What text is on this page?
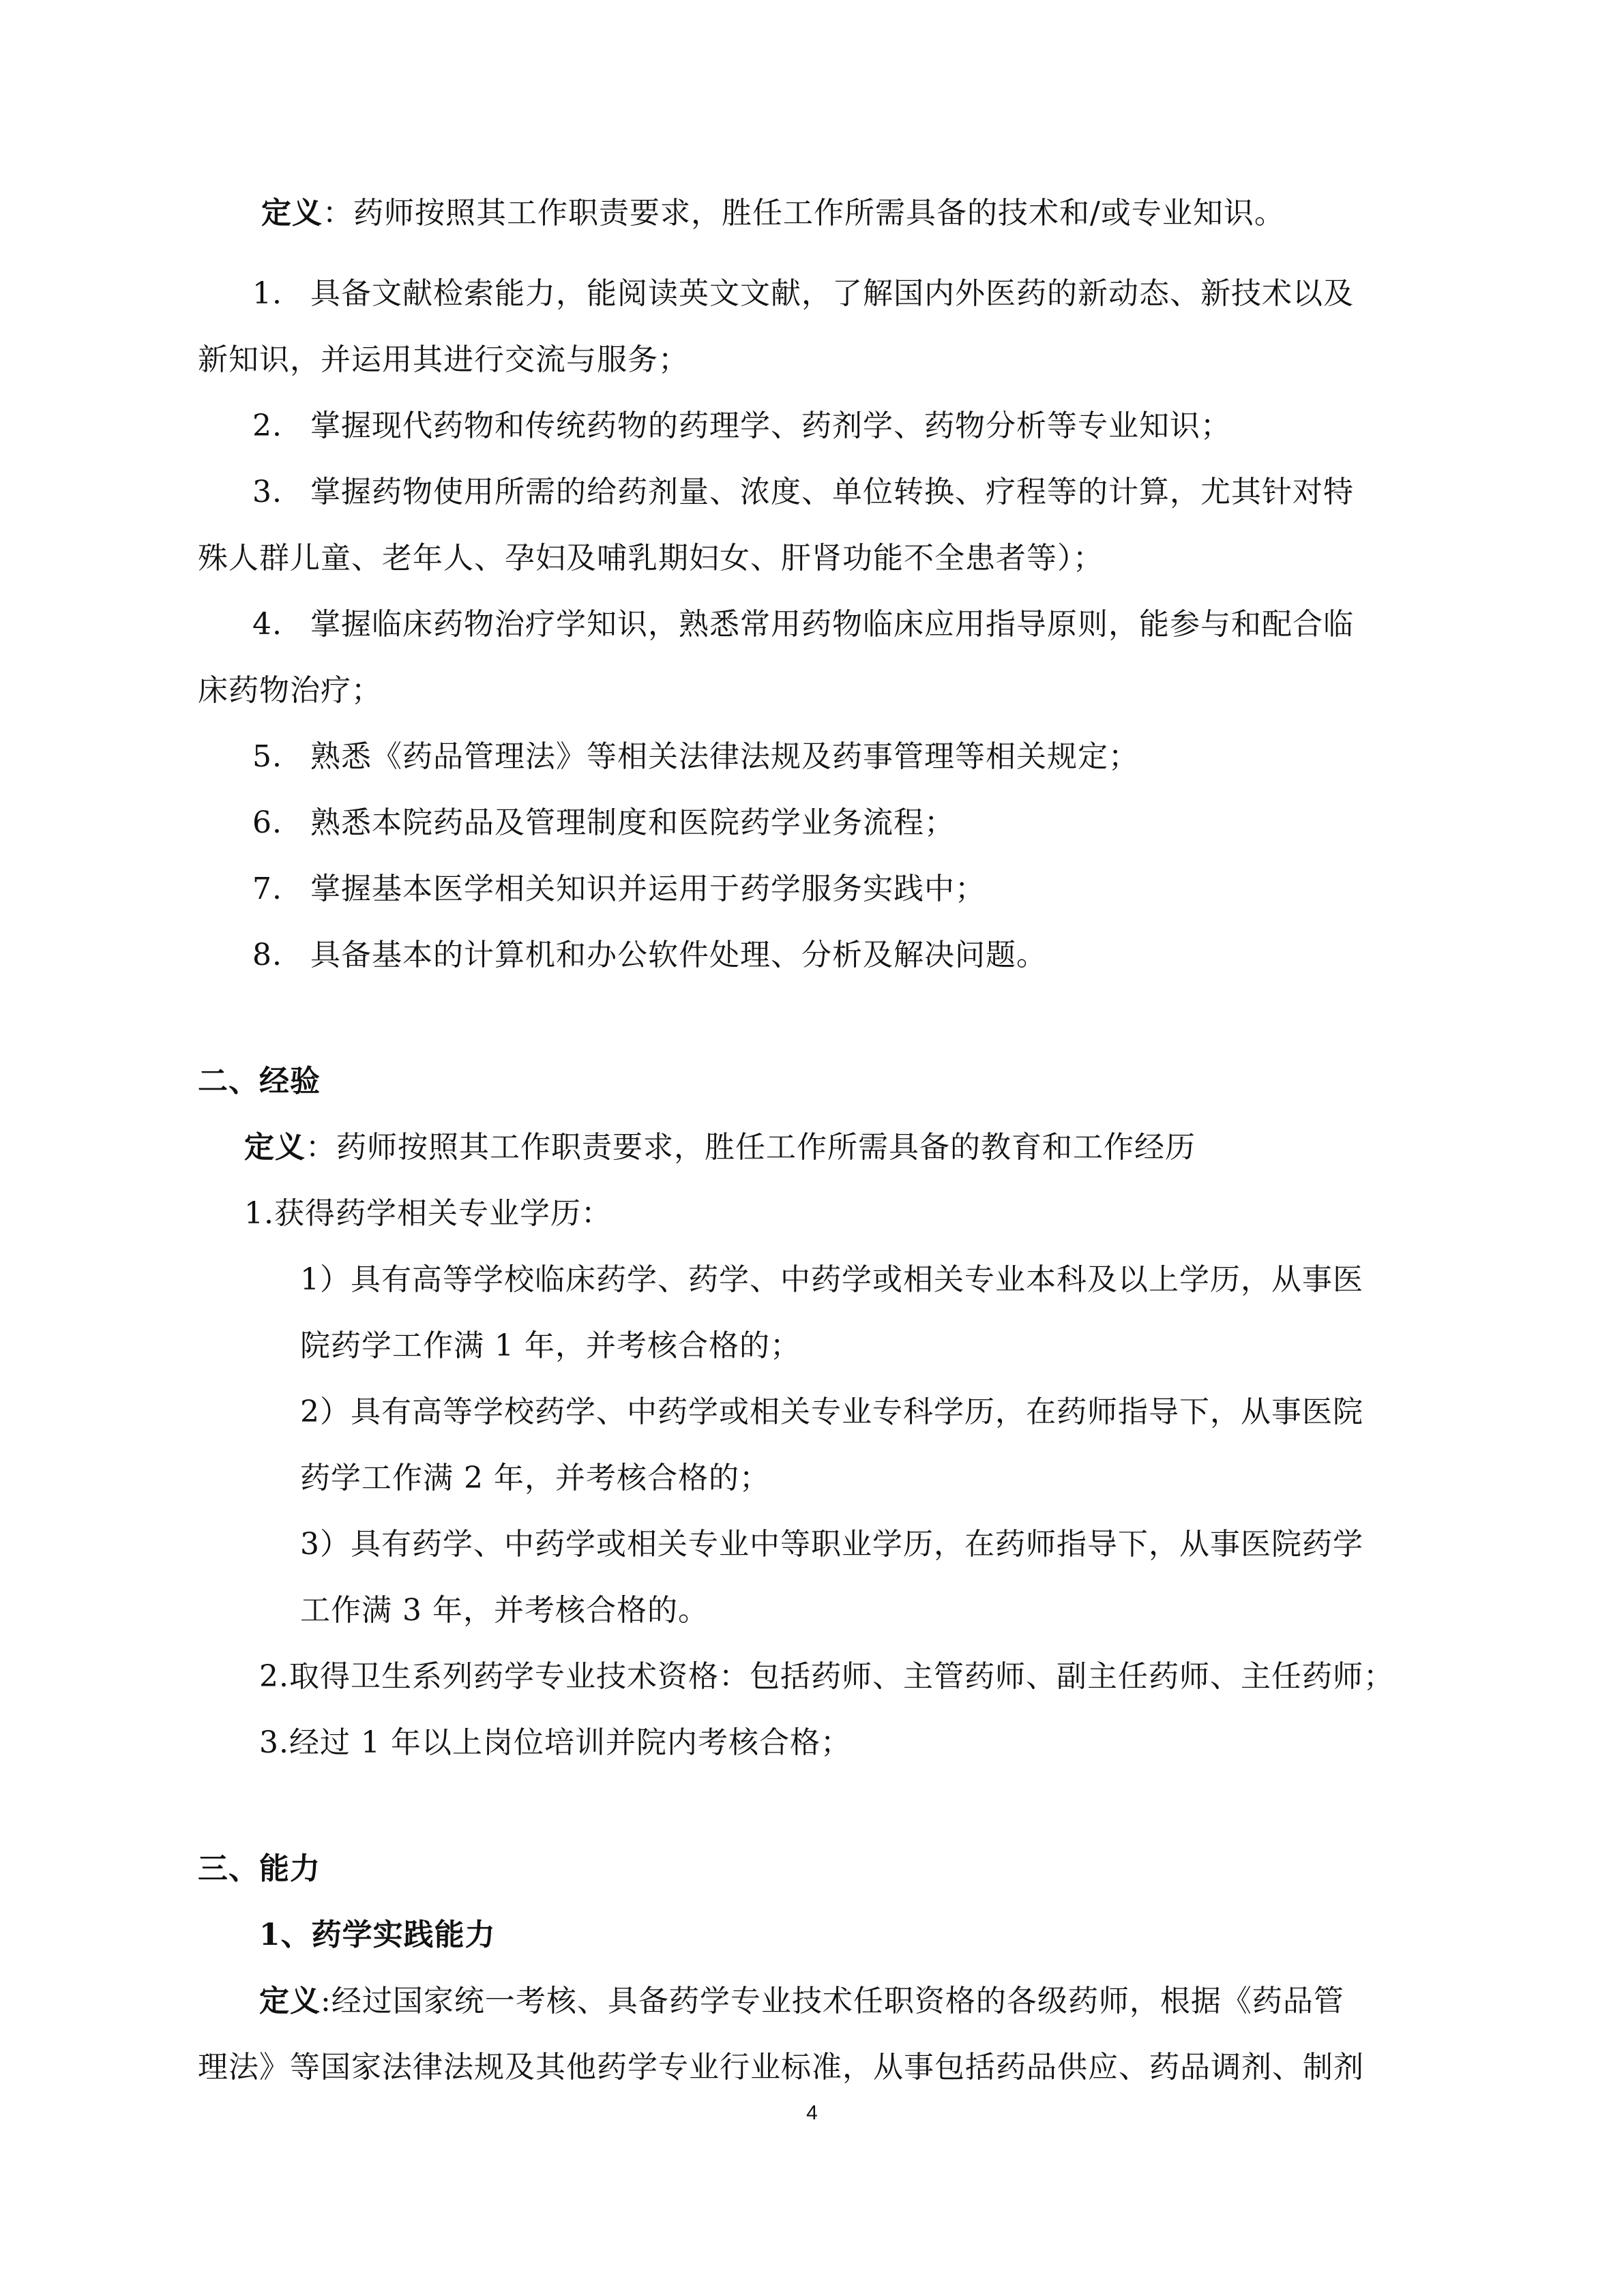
定义：药师按照其工作职责要求，胜任工作所需具备的技术和/或专业知识。
1. 具备文献检索能力，能阅读英文文献，了解国内外医药的新动态、新技术以及
新知识，并运用其进行交流与服务；
2. 掌握现代药物和传统药物的药理学、药剂学、药物分析等专业知识；
3. 掌握药物使用所需的给药剂量、浓度、单位转换、疗程等的计算，尤其针对特
殊人群儿童、老年人、孕妇及哺乳期妇女、肝肾功能不全患者等）；
4. 掌握临床药物治疗学知识，熟悉常用药物临床应用指导原则，能参与和配合临
床药物治疗；
5. 熟悉《药品管理法》等相关法律法规及药事管理等相关规定；
6. 熟悉本院药品及管理制度和医院药学业务流程；
7. 掌握基本医学相关知识并运用于药学服务实践中；
8. 具备基本的计算机和办公软件处理、分析及解决问题。
二、经验
定义：药师按照其工作职责要求，胜任工作所需具备的教育和工作经历
1.获得药学相关专业学历：
1）具有高等学校临床药学、药学、中药学或相关专业本科及以上学历，从事医
院药学工作满 1 年，并考核合格的；
2）具有高等学校药学、中药学或相关专业专科学历，在药师指导下，从事医院
药学工作满 2 年，并考核合格的；
3）具有药学、中药学或相关专业中等职业学历，在药师指导下，从事医院药学
工作满 3 年，并考核合格的。
2.取得卫生系列药学专业技术资格：包括药师、主管药师、副主任药师、主任药师；
3.经过 1 年以上岗位培训并院内考核合格；
三、能力
1、药学实践能力
定义:经过国家统一考核、具备药学专业技术任职资格的各级药师，根据《药品管
理法》等国家法律法规及其他药学专业行业标准，从事包括药品供应、药品调剂、制剂
4
